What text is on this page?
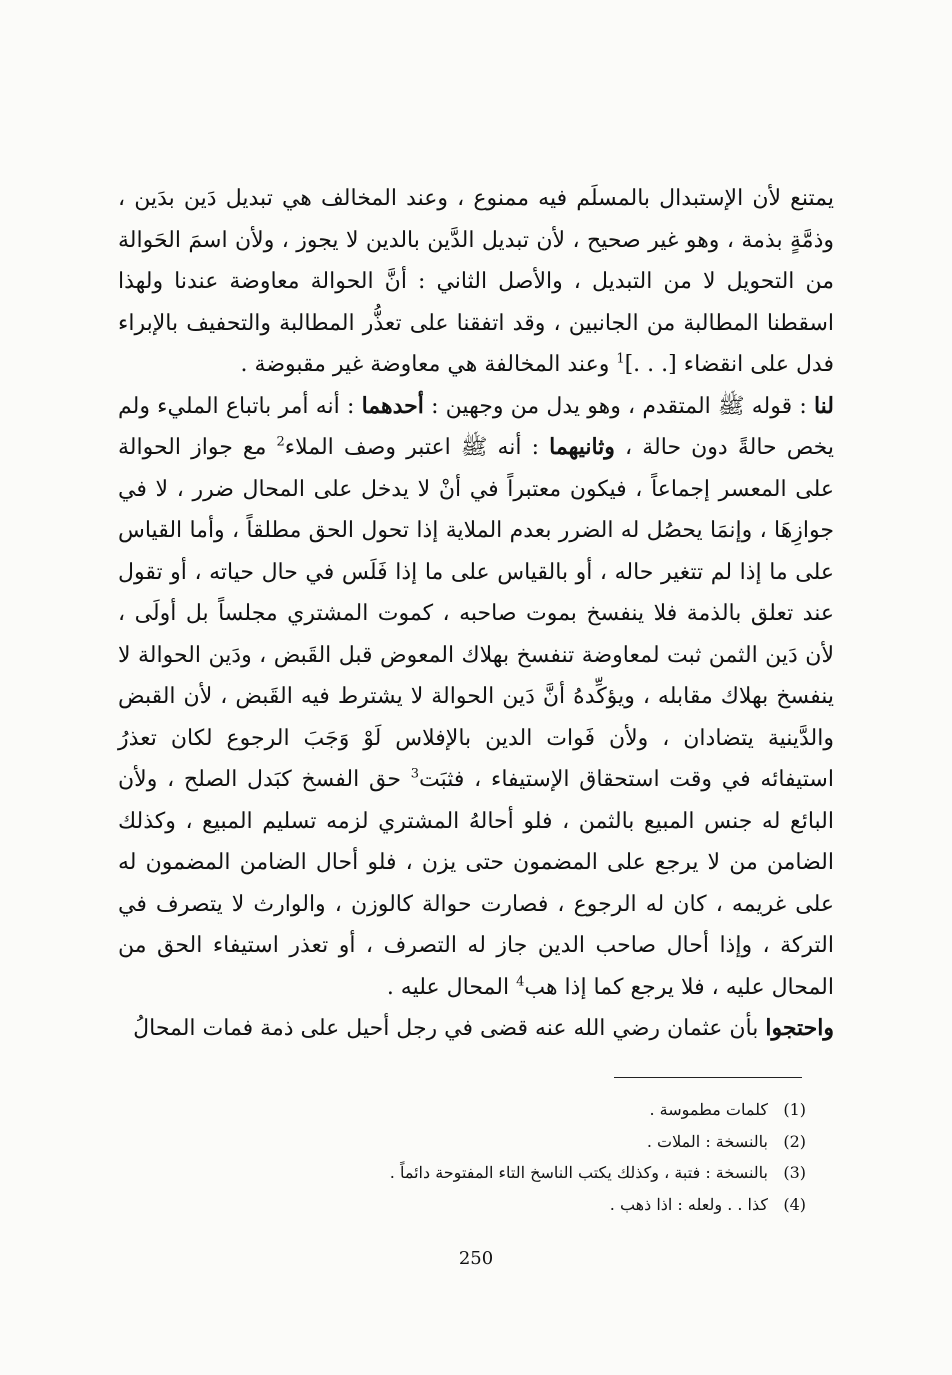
يمتنع لأن الإستبدال بالمسلَم فيه ممنوع ، وعند المخالف هي تبديل دَين بدَين ، وذمَّةٍ بذمة ، وهو غير صحيح ، لأن تبديل الدَّين بالدين لا يجوز ، ولأن اسمَ الحَوالة من التحويل لا من التبديل ، والأصل الثاني : أنَّ الحوالة معاوضة عندنا ولهذا اسقطنا المطالبة من الجانبين ، وقد اتفقنا على تعذُّر المطالبة والتحفيف بالإبراء فدل على انقضاء [. . .]$^1$ وعند المخالفة هي معاوضة غير مقبوضة .

لنا : قوله ﷺ المتقدم ، وهو يدل من وجهين : أحدهما : أنه أمر باتباع المليء ولم يخص حالةً دون حالة ، وثانيهما : أنه ﷺ اعتبر وصف الملاء$^2$ مع جواز الحوالة على المعسر إجماعاً ، فيكون معتبراً في أنْ لا يدخل على المحال ضرر ، لا في جوازِهَا ، وإنمَا يحصُل له الضرر بعدم الملاية إذا تحول الحق مطلقاً ، وأما القياس على ما إذا لم تتغير حاله ، أو بالقياس على ما إذا فَلَس في حال حياته ، أو تقول عند تعلق بالذمة فلا ينفسخ بموت صاحبه ، كموت المشتري مجلساً بل أولَى ، لأن دَين الثمن ثبت لمعاوضة تنفسخ بهلاك المعوض قبل القَبض ، ودَين الحوالة لا ينفسخ بهلاك مقابله ، ويؤكِّدهُ أنَّ دَين الحوالة لا يشترط فيه القَبض ، لأن القبض والدَّينية يتضادان ، ولأن فَوات الدين بالإفلاس لَوْ وَجَبَ الرجوع لكان تعذرُ استيفائه في وقت استحقاق الإستيفاء ، فثبَت$^3$ حق الفسخ كبَدل الصلح ، ولأن البائع له جنس المبيع بالثمن ، فلو أحالهُ المشتري لزمه تسليم المبيع ، وكذلك الضامن من لا يرجع على المضمون حتى يزن ، فلو أحال الضامن المضمون له على غريمه ، كان له الرجوع ، فصارت حوالة كالوزن ، والوارث لا يتصرف في التركة ، وإذا أحال صاحب الدين جاز له التصرف ، أو تعذر استيفاء الحق من المحال عليه ، فلا يرجع كما إذا هب$^4$ المحال عليه .

واحتجوا بأن عثمان رضي الله عنه قضى في رجل أحيل على ذمة فمات المحالُ

(1)
كلمات مطموسة .
(2)
بالنسخة : الملات .
(3)
بالنسخة : فتبة ، وكذلك يكتب الناسخ التاء المفتوحة دائماً .
(4)
كذا . . ولعله : اذا ذهب .
250
